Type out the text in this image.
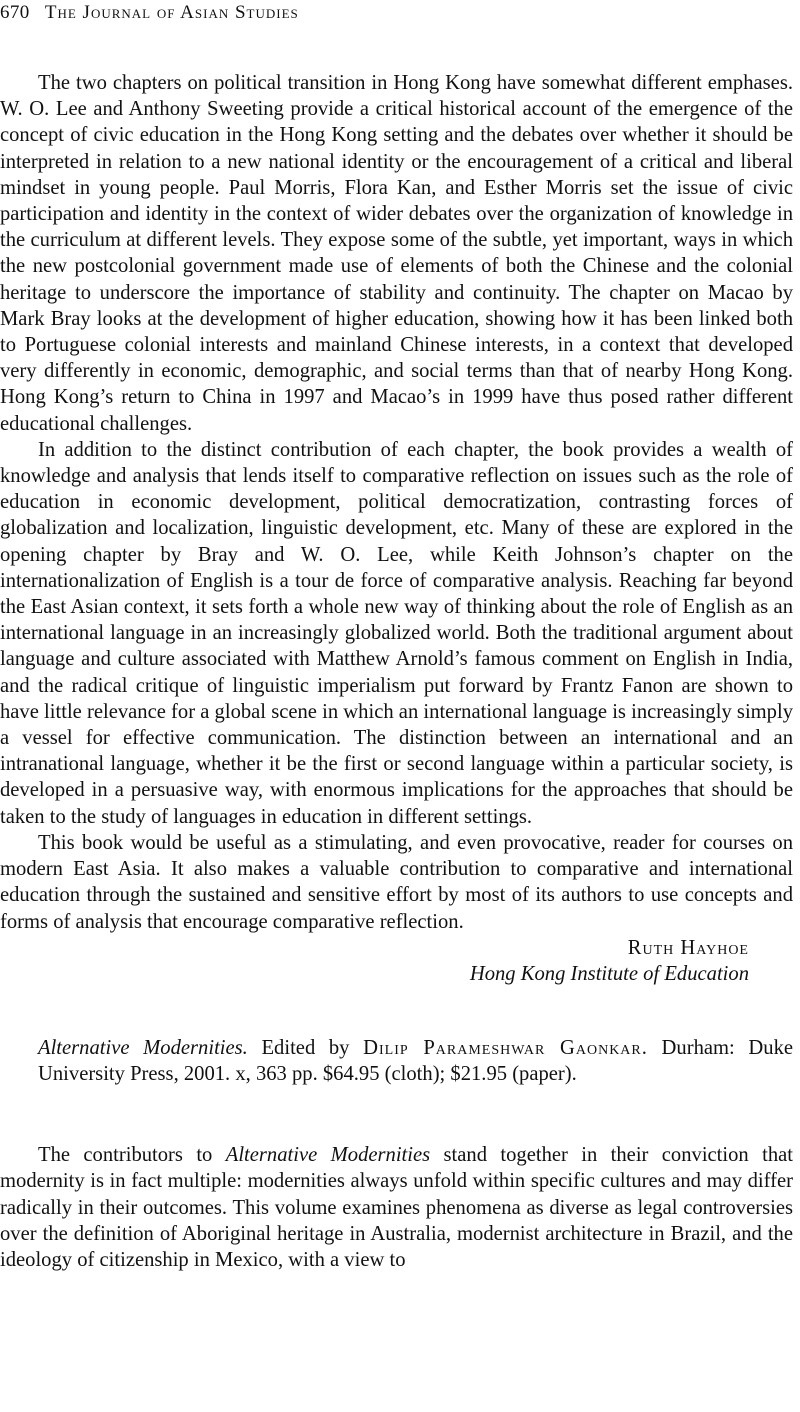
670 The Journal of Asian Studies

The two chapters on political transition in Hong Kong have somewhat different emphases. W. O. Lee and Anthony Sweeting provide a critical historical account of the emergence of the concept of civic education in the Hong Kong setting and the debates over whether it should be interpreted in relation to a new national identity or the encouragement of a critical and liberal mindset in young people. Paul Morris, Flora Kan, and Esther Morris set the issue of civic participation and identity in the context of wider debates over the organization of knowledge in the curriculum at different levels. They expose some of the subtle, yet important, ways in which the new postcolonial government made use of elements of both the Chinese and the colonial heritage to underscore the importance of stability and continuity. The chapter on Macao by Mark Bray looks at the development of higher education, showing how it has been linked both to Portuguese colonial interests and mainland Chinese interests, in a context that developed very differently in economic, demographic, and social terms than that of nearby Hong Kong. Hong Kong’s return to China in 1997 and Macao’s in 1999 have thus posed rather different educational challenges.

In addition to the distinct contribution of each chapter, the book provides a wealth of knowledge and analysis that lends itself to comparative reflection on issues such as the role of education in economic development, political democratization, contrasting forces of globalization and localization, linguistic development, etc. Many of these are explored in the opening chapter by Bray and W. O. Lee, while Keith Johnson’s chapter on the internationalization of English is a tour de force of comparative analysis. Reaching far beyond the East Asian context, it sets forth a whole new way of thinking about the role of English as an international language in an increasingly globalized world. Both the traditional argument about language and culture associated with Matthew Arnold’s famous comment on English in India, and the radical critique of linguistic imperialism put forward by Frantz Fanon are shown to have little relevance for a global scene in which an international language is increasingly simply a vessel for effective communication. The distinction between an international and an intranational language, whether it be the first or second language within a particular society, is developed in a persuasive way, with enormous implications for the approaches that should be taken to the study of languages in education in different settings.

This book would be useful as a stimulating, and even provocative, reader for courses on modern East Asia. It also makes a valuable contribution to comparative and international education through the sustained and sensitive effort by most of its authors to use concepts and forms of analysis that encourage comparative reflection.

Ruth Hayhoe
Hong Kong Institute of Education
Alternative Modernities. Edited by Dilip Parameshwar Gaonkar. Durham: Duke University Press, 2001. x, 363 pp. $64.95 (cloth); $21.95 (paper).

The contributors to Alternative Modernities stand together in their conviction that modernity is in fact multiple: modernities always unfold within specific cultures and may differ radically in their outcomes. This volume examines phenomena as diverse as legal controversies over the definition of Aboriginal heritage in Australia, modernist architecture in Brazil, and the ideology of citizenship in Mexico, with a view to
